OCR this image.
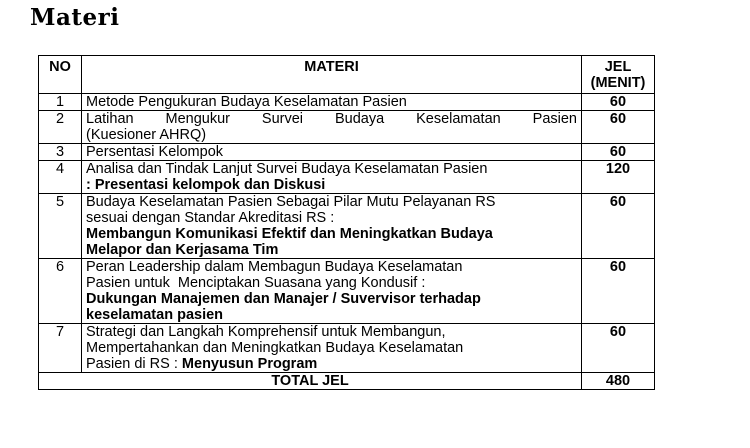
Materi
NO	MATERI	JEL
(MENIT)

1	Metode Pengukuran Budaya Keselamatan Pasien	60
2	Latihan Mengukur Survei Budaya Keselamatan Pasien
(Kuesioner AHRQ)	60
3	Persentasi Kelompok	60
4	Analisa dan Tindak Lanjut Survei Budaya Keselamatan Pasien
: Presentasi kelompok dan Diskusi	120
5	Budaya Keselamatan Pasien Sebagai Pilar Mutu Pelayanan RS
sesuai dengan Standar Akreditasi RS :
Membangun Komunikasi Efektif dan Meningkatkan Budaya
Melapor dan Kerjasama Tim	60
6	Peran Leadership dalam Membagun Budaya Keselamatan
Pasien untuk  Menciptakan Suasana yang Kondusif :
Dukungan Manajemen dan Manajer / Suvervisor terhadap
keselamatan pasien	60
7	Strategi dan Langkah Komprehensif untuk Membangun,
Mempertahankan dan Meningkatkan Budaya Keselamatan
Pasien di RS : Menyusun Program	60
TOTAL JEL		480
